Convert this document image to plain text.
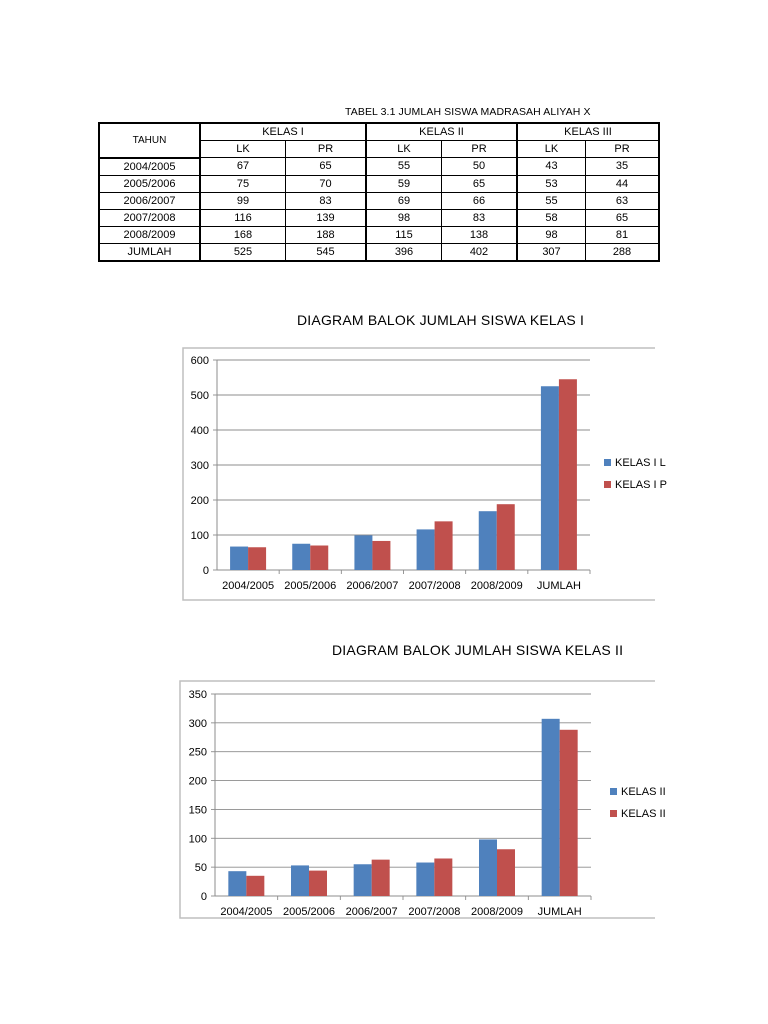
TABEL 3.1 JUMLAH SISWA MADRASAH ALIYAH X
TAHUN	KELAS I		KELAS II		KELAS III	
	LK	PR	LK	PR	LK	PR
2004/2005	67	65	55	50	43	35
2005/2006	75	70	59	65	53	44
2006/2007	99	83	69	66	55	63
2007/2008	116	139	98	83	58	65
2008/2009	168	188	115	138	98	81
JUMLAH	525	545	396	402	307	288
DIAGRAM BALOK JUMLAH SISWA KELAS I
0
100
200
300
400
500
600
2004/2005 2005/2006 2006/2007 2007/2008 2008/2009 JUMLAH
KELAS I L
KELAS I P
DIAGRAM BALOK JUMLAH SISWA KELAS II
0
50
100
150
200
250
300
350
2004/2005 2005/2006 2006/2007 2007/2008 2008/2009 JUMLAH
KELAS II
KELAS II
